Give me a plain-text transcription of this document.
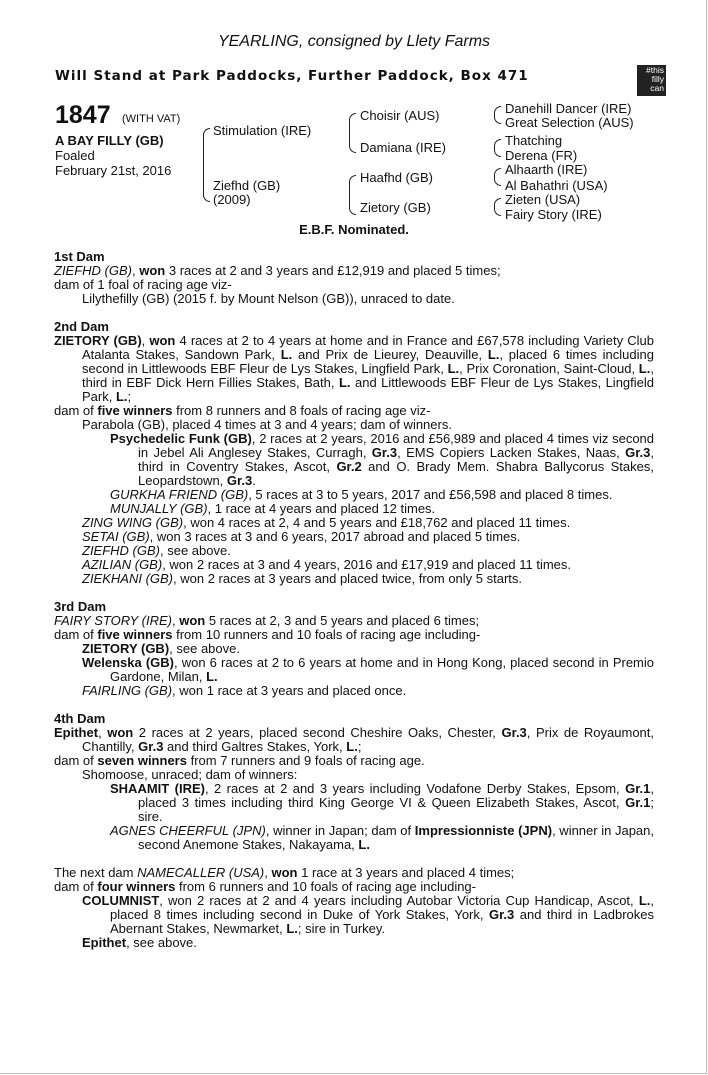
YEARLING, consigned by Llety Farms
Will Stand at Park Paddocks, Further Paddock, Box 471	#this
filly
can
1847 (WITH VAT)
A BAY FILLY (GB)
Foaled
February 21st, 2016
Stimulation (IRE)
Ziefhd (GB)
(2009)
Choisir (AUS)
Damiana (IRE)
Haafhd (GB)
Zietory (GB)
Danehill Dancer (IRE)
Great Selection (AUS)
Thatching
Derena (FR)
Alhaarth (IRE)
Al Bahathri (USA)
Zieten (USA)
Fairy Story (IRE)
E.B.F. Nominated.
1st Dam
ZIEFHD (GB), won 3 races at 2 and 3 years and £12,919 and placed 5 times;
dam of 1 foal of racing age viz-
Lilythefilly (GB) (2015 f. by Mount Nelson (GB)), unraced to date.
2nd Dam
ZIETORY (GB), won 4 races at 2 to 4 years at home and in France and £67,578 including Variety Club Atalanta Stakes, Sandown Park, L. and Prix de Lieurey, Deauville, L., placed 6 times including second in Littlewoods EBF Fleur de Lys Stakes, Lingfield Park, L., Prix Coronation, Saint-Cloud, L., third in EBF Dick Hern Fillies Stakes, Bath, L. and Littlewoods EBF Fleur de Lys Stakes, Lingfield Park, L.;
dam of five winners from 8 runners and 8 foals of racing age viz-
Parabola (GB), placed 4 times at 3 and 4 years; dam of winners.
Psychedelic Funk (GB), 2 races at 2 years, 2016 and £56,989 and placed 4 times viz second in Jebel Ali Anglesey Stakes, Curragh, Gr.3, EMS Copiers Lacken Stakes, Naas, Gr.3, third in Coventry Stakes, Ascot, Gr.2 and O. Brady Mem. Shabra Ballycorus Stakes, Leopardstown, Gr.3.
GURKHA FRIEND (GB), 5 races at 3 to 5 years, 2017 and £56,598 and placed 8 times.
MUNJALLY (GB), 1 race at 4 years and placed 12 times.
ZING WING (GB), won 4 races at 2, 4 and 5 years and £18,762 and placed 11 times.
SETAI (GB), won 3 races at 3 and 6 years, 2017 abroad and placed 5 times.
ZIEFHD (GB), see above.
AZILIAN (GB), won 2 races at 3 and 4 years, 2016 and £17,919 and placed 11 times.
ZIEKHANI (GB), won 2 races at 3 years and placed twice, from only 5 starts.
3rd Dam
FAIRY STORY (IRE), won 5 races at 2, 3 and 5 years and placed 6 times;
dam of five winners from 10 runners and 10 foals of racing age including-
ZIETORY (GB), see above.
Welenska (GB), won 6 races at 2 to 6 years at home and in Hong Kong, placed second in Premio Gardone, Milan, L.
FAIRLING (GB), won 1 race at 3 years and placed once.
4th Dam
Epithet, won 2 races at 2 years, placed second Cheshire Oaks, Chester, Gr.3, Prix de Royaumont, Chantilly, Gr.3 and third Galtres Stakes, York, L.;
dam of seven winners from 7 runners and 9 foals of racing age.
Shomoose, unraced; dam of winners:
SHAAMIT (IRE), 2 races at 2 and 3 years including Vodafone Derby Stakes, Epsom, Gr.1, placed 3 times including third King George VI & Queen Elizabeth Stakes, Ascot, Gr.1; sire.
AGNES CHEERFUL (JPN), winner in Japan; dam of Impressionniste (JPN), winner in Japan, second Anemone Stakes, Nakayama, L.
The next dam NAMECALLER (USA), won 1 race at 3 years and placed 4 times;
dam of four winners from 6 runners and 10 foals of racing age including-
COLUMNIST, won 2 races at 2 and 4 years including Autobar Victoria Cup Handicap, Ascot, L., placed 8 times including second in Duke of York Stakes, York, Gr.3 and third in Ladbrokes Abernant Stakes, Newmarket, L.; sire in Turkey.
Epithet, see above.
